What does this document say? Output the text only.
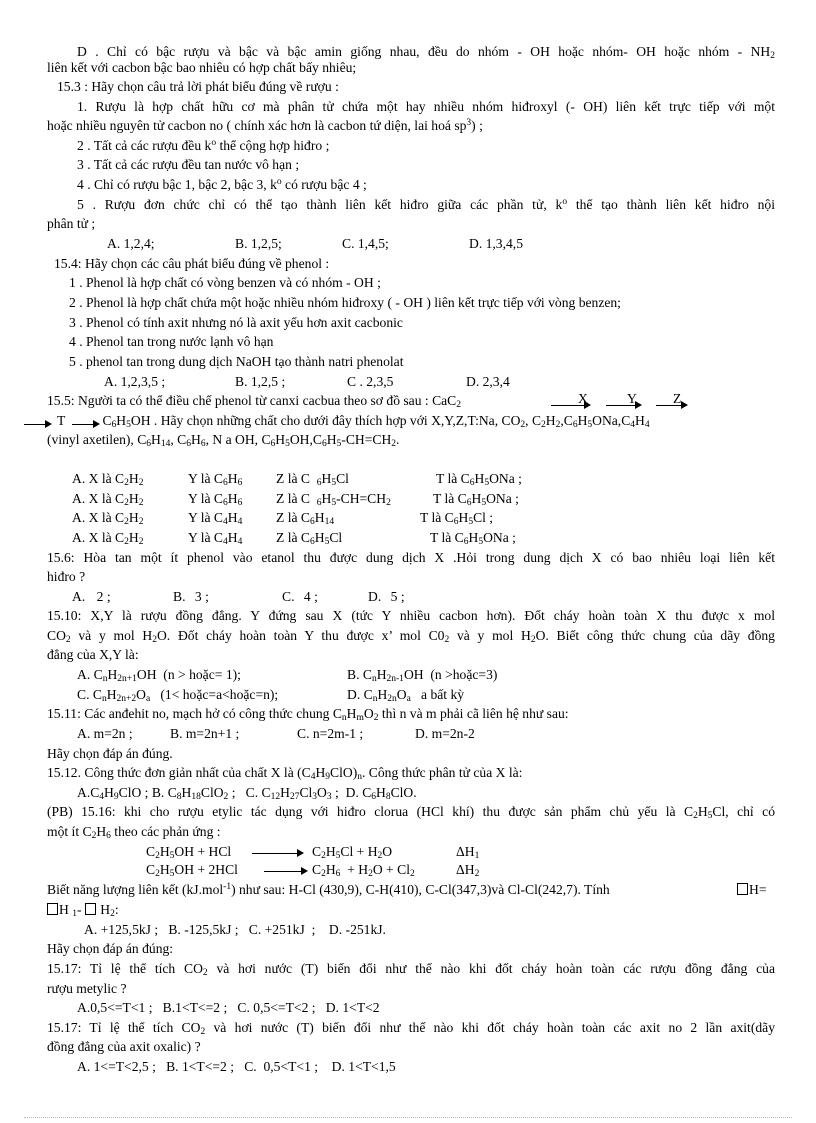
D . Chỉ có bậc rượu và bậc và bậc amin giống nhau, đều do nhóm - OH hoặc nhóm- OH hoặc nhóm - $NH_2$
liên kết với cacbon bậc bao nhiêu có hợp chất bấy nhiêu;
15.3 : Hãy chọn câu trả lời phát biểu đúng về rượu :
1. Rượu là hợp chất hữu cơ mà phân tử chứa một hay nhiều nhóm hiđroxyl (- OH) liên kết trực tiếp với một
hoặc nhiều nguyên tử cacbon no ( chính xác hơn là cacbon tứ diện, lai hoá $sp^3$) ;
2 . Tất cả các rượu đều $k^o$ thể cộng hợp hiđro ;
3 . Tất cả các rượu đều tan nước vô hạn ;
4 . Chỉ có rượu bậc 1, bậc 2, bậc 3, $k^o$ có rượu bậc 4 ;
5 . Rượu đơn chức chỉ có thể tạo thành liên kết hiđro giữa các phần tử, $k^o$ thể tạo thành liên kết hiđro nội
phân tử ;
A. 1,2,4;	B. 1,2,5;	C. 1,4,5;	D. 1,3,4,5
15.4: Hãy chọn các câu phát biểu đúng về phenol :
1 . Phenol là hợp chất có vòng benzen và có nhóm - OH ;
2 . Phenol là hợp chất chứa một hoặc nhiều nhóm hiđroxy ( - OH ) liên kết trực tiếp với vòng benzen;
3 . Phenol có tính axit nhưng nó là axit yếu hơn axit cacbonic
4 . Phenol tan trong nước lạnh vô hạn
5 . phenol tan trong dung dịch NaOH tạo thành natri phenolat
A. 1,2,3,5 ;	B. 1,2,5 ;	C . 2,3,5	D. 2,3,4
15.5: Người ta có thể điều chế phenol từ canxi cacbua theo sơ đồ sau : CaC$_2$
T	$C_6H_5OH$ . Hãy chọn những chất cho dưới đây thích hợp với X,Y,Z,T:Na, $CO_2$, $C_2H_2,C_6H_5ONa,C_4H_4$
(vinyl axetilen), $C_6H_{14}$, $C_6H_6$, N a OH, $C_6H_5OH,C_6H_5-CH=CH_2$.
A. X là $C_2H_2$	Y là $C_6H_6$ Z là C  $_6H_5Cl$	T là $C_6H_5ONa$ ;
A. X là $C_2H_2$	Y là $C_6H_6$ Z là C  $_6H_5-CH=CH_2$	T là $C_6H_5ONa$ ;
A. X là $C_2H_2$	Y là $C_4H_4$ Z là $C_6H_{14}$	T là $C_6H_5Cl$ ;
A. X là $C_2H_2$	Y là $C_4H_4$ Z là $C_6H_5Cl$	T là $C_6H_5ONa$ ;
15.6: Hòa tan một ít phenol vào etanol thu được dung dịch X .Hỏi trong dung dịch X có bao nhiêu loại liên kết
hiđro ?
A. 2 ;	B. 3 ;	C. 4 ;	D. 5 ;
15.10: X,Y là rượu đồng đẳng. Y đứng sau X (tức Y nhiều cacbon hơn). Đốt cháy hoàn toàn X thu được x mol
$CO_2$ và y mol $H_2O$. Đốt cháy hoàn toàn Y thu được x’ mol $C0_2$ và y mol $H_2O$. Biết công thức chung của dãy đồng
đẳng của X,Y là:
A. $C_nH_{2n+1}OH$  (n > hoặc= 1);	B. $C_nH_{2n-1}OH$  (n >hoặc=3)
C. $C_nH_{2n+2}O_a$   (1< hoặc=a<hoặc=n);	D. $C_nH_{2n}O_a$   a bất kỳ
15.11: Các anđehit no, mạch hở có công thức chung $C_nH_mO_2$ thì n và m phải cã liên hệ như sau:
A. m=2n ;	B. m=2n+1 ;	C. n=2m-1 ;	D. m=2n-2
Hãy chọn đáp án đúng.
15.12. Công thức đơn giản nhất của chất X là $(C_4H_9ClO)_n$. Công thức phân tử của X là:
$A.C_4H_9ClO$ ; B. $C_8H_{18}ClO_2$ ;   C. $C_{12}H_{27}Cl_3O_3$ ;  D. $C_6H_8ClO$.
(PB) 15.16: khi cho rượu etylic tác dụng với hiđro clorua (HCl khí) thu được sản phẩm chủ yếu là $C_2H_5Cl$, chỉ có
một ít $C_2H_6$ theo các phản ứng :
$C_2H_5OH$ + HCl	$C_2H_5Cl + H_2O$	$\Delta H_1$
$C_2H_5OH + 2HCl$	$C_2H_6 + H_2O + Cl_2$	$\Delta H_2$
Biết năng lượng liên kết (kJ.mol$^{-1}$) như sau: H-Cl (430,9), C-H(410), C-Cl(347,3)và Cl-Cl(242,7). Tính	H=
H $_1$-  $H_2$:
A. +125,5kJ ;   B. -125,5kJ ;   C. +251kJ  ;    D. -251kJ.
Hãy chọn đáp án đúng:
15.17: Tỉ lệ thể tích $CO_2$ và hơi nước (T) biến đổi như thế nào khi đốt cháy hoàn toàn các rượu đồng đẳng của
rượu metylic ?
A.0,5<=T<1 ;   B.1<T<=2 ;   C. 0,5<=T<2 ;   D. 1<T<2
15.17: Tỉ lệ thể tích $CO_2$ và hơi nước (T) biến đổi như thế nào khi đốt cháy hoàn toàn các axit no 2 lần axit(dãy
đồng đẳng của axit oxalic) ?
A. 1<=T<2,5 ;   B. 1<T<=2 ;   C.  0,5<T<1 ;    D. 1<T<1,5
X	Y	Z
